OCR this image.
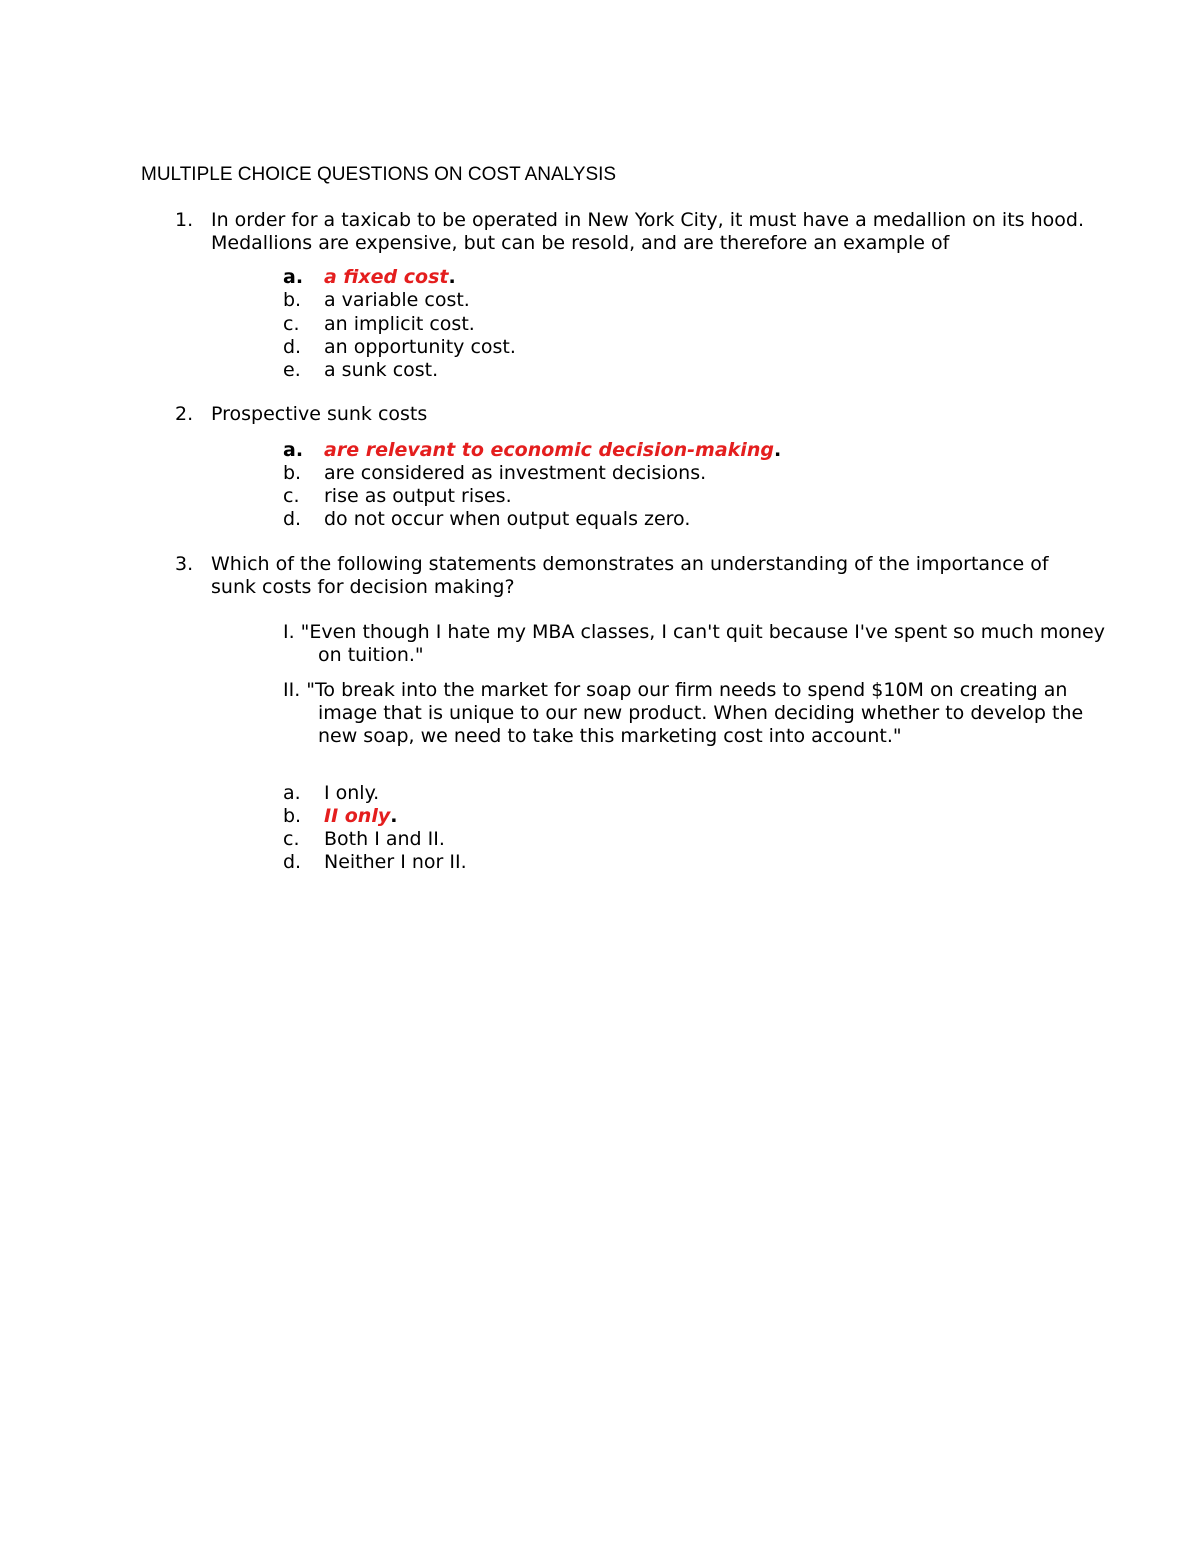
MULTIPLE CHOICE QUESTIONS ON COST ANALYSIS
1. In order for a taxicab to be operated in New York City, it must have a medallion on its hood. Medallions are expensive, but can be resold, and are therefore an example of
a. a fixed cost.
b. a variable cost.
c. an implicit cost.
d. an opportunity cost.
e. a sunk cost.
2. Prospective sunk costs
a. are relevant to economic decision-making.
b. are considered as investment decisions.
c. rise as output rises.
d. do not occur when output equals zero.
3. Which of the following statements demonstrates an understanding of the importance of sunk costs for decision making?
I. "Even though I hate my MBA classes, I can't quit because I've spent so much money on tuition."
II. "To break into the market for soap our firm needs to spend $10M on creating an image that is unique to our new product. When deciding whether to develop the new soap, we need to take this marketing cost into account."
a. I only.
b. II only.
c. Both I and II.
d. Neither I nor II.
